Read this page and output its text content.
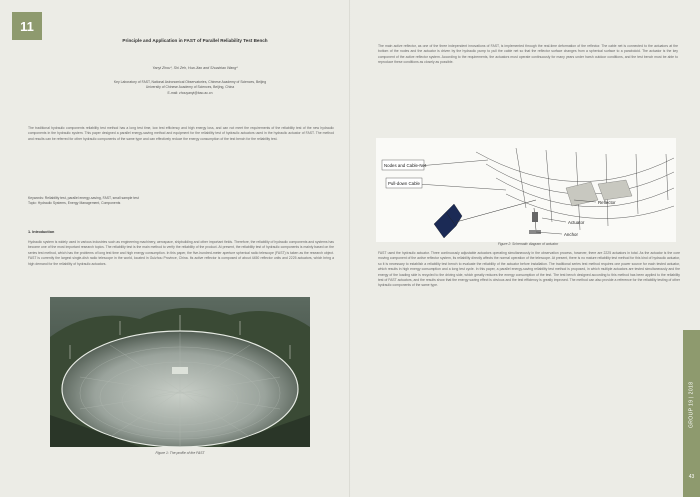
11
Principle and Application in FAST of Parallel Reliability Test Bench
Yanyi Zhou*, Shi Zeh, Hua Jiao and Shuaixiao Wang*
Key Laboratory of FAST, National Astronomical Observatories, Chinese Academy of Sciences, Beijing
University of Chinese Academy of Sciences, Beijing, China
E-mail: zhouyanyi@bao.ac.cn
The traditional hydraulic components reliability test method has a long test time, low test efficiency and high energy loss, and can not meet the requirements of the reliability test of the new hydraulic components in the hydraulic system. This paper designed a parallel energy-saving method and equipment for the reliability test of hydraulic actuators used in the hydraulic actuator of FAST. The method and results can be referred for other hydraulic components of the same type and can effectively reduce the energy consumption of the test bench for the reliability test.
Keywords: Reliability test, parallel energy-saving, FAST, small sample test
Topic: Hydraulic Systems, Energy Management, Components
1. Introduction
Hydraulic system is widely used in various industries such as engineering machinery, aerospace, shipbuilding and other important fields. Therefore, the reliability of hydraulic components and systems has become one of the most important research topics. The reliability test is the main method to verify the reliability of the product. At present, the reliability test of hydraulic components is mainly based on the series test method, which has the problems of long test time and high energy consumption. In this paper, the five-hundred-meter aperture spherical radio telescope (FAST) is taken as the research object. FAST is currently the largest single-dish radio telescope in the world, located in Guizhou Province, China. Its active reflector is composed of about 4450 reflector units and 2225 actuators, which bring a high demand for the reliability of hydraulic actuators.
Figure 1: The profile of the FAST
The main active reflector, as one of the three independent innovations of FAST, is implemented through the real-time deformation of the reflector. The cable net is connected to the actuators at the bottom of the nodes and the actuator is driven by the hydraulic pump to pull the cable net so that the reflector surface changes from a spherical surface to a paraboloid. The actuator is the key component of the active reflector system. According to the requirements, the actuators must operate continuously for many years under harsh outdoor conditions, and the test bench must be able to reproduce these conditions as closely as possible.
Nodes and Cable-Net
Pull-down Cable
Reflector
Actuator
Anchor
Figure 2: Schematic diagram of actuator
FAST used the hydraulic actuator. Three continuously adjustable actuators operating simultaneously in the observation process, however, there are 2225 actuators in total. As the actuator is the core moving component of the active reflector system, its reliability directly affects the normal operation of the telescope. At present, there is no mature reliability test method for this kind of hydraulic actuator, so it is necessary to establish a reliability test bench to evaluate the reliability of the actuator before installation. The traditional series test method requires one power source for each tested actuator, which results in high energy consumption and a long test cycle. In this paper, a parallel energy-saving reliability test method is proposed, in which multiple actuators are tested simultaneously and the energy of the loading side is recycled to the driving side, which greatly reduces the energy consumption of the test. The test bench designed according to this method has been applied to the reliability test of FAST actuators, and the results show that the energy saving effect is obvious and the test efficiency is greatly improved. The method can also provide a reference for the reliability testing of other hydraulic components of the same type.
GROUP 19 | 2018
43
